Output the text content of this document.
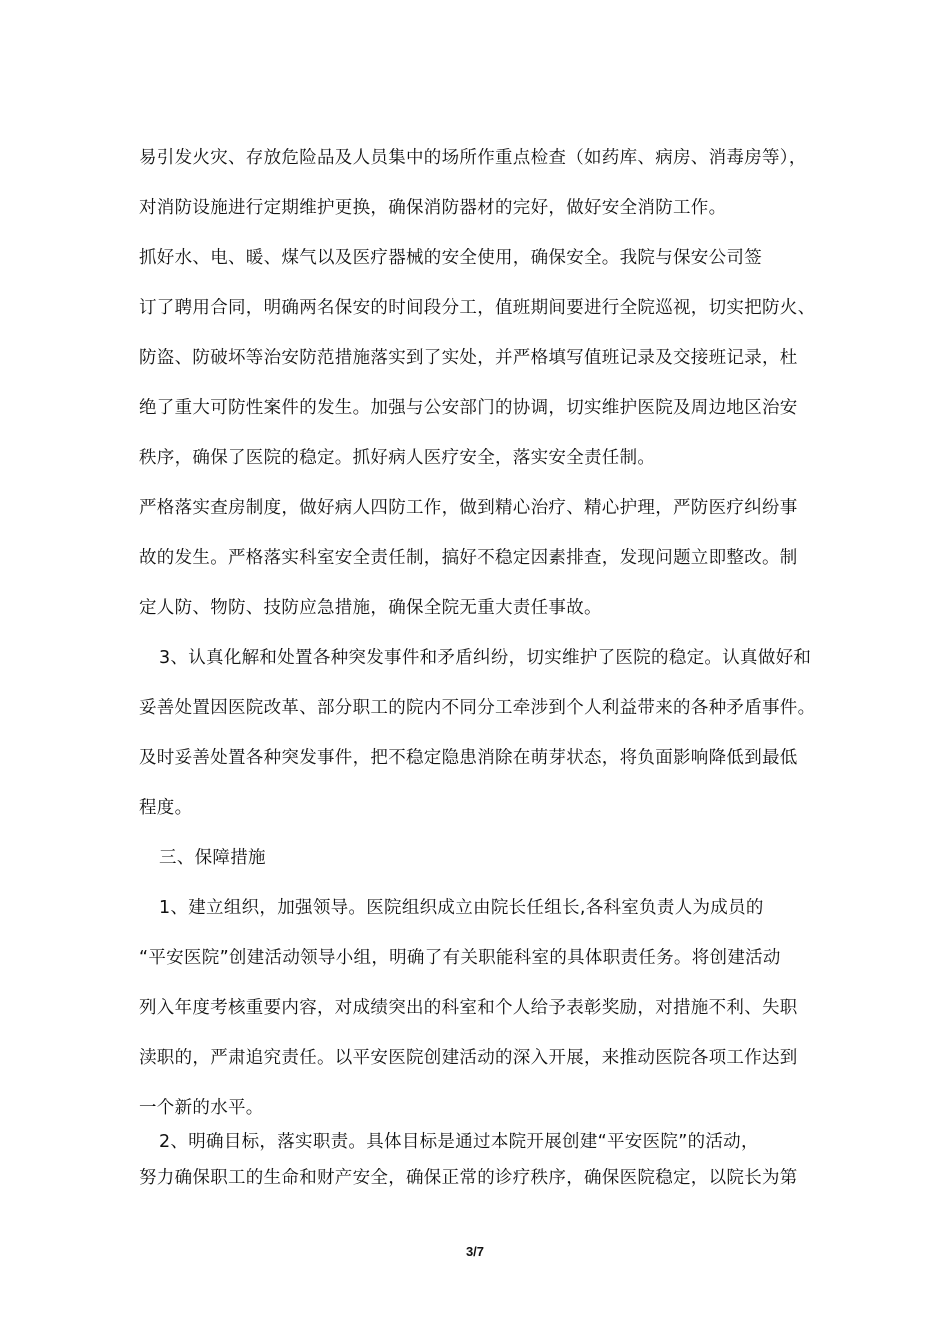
易引发火灾、存放危险品及人员集中的场所作重点检查（如药库、病房、消毒房等），
对消防设施进行定期维护更换，确保消防器材的完好，做好安全消防工作。
抓好水、电、暖、煤气以及医疗器械的安全使用，确保安全。我院与保安公司签
订了聘用合同，明确两名保安的时间段分工，值班期间要进行全院巡视，切实把防火、
防盗、防破坏等治安防范措施落实到了实处，并严格填写值班记录及交接班记录，杜
绝了重大可防性案件的发生。加强与公安部门的协调，切实维护医院及周边地区治安
秩序，确保了医院的稳定。抓好病人医疗安全，落实安全责任制。
严格落实查房制度，做好病人四防工作，做到精心治疗、精心护理，严防医疗纠纷事
故的发生。严格落实科室安全责任制，搞好不稳定因素排查，发现问题立即整改。制
定人防、物防、技防应急措施，确保全院无重大责任事故。
3、认真化解和处置各种突发事件和矛盾纠纷，切实维护了医院的稳定。认真做好和
妥善处置因医院改革、部分职工的院内不同分工牵涉到个人利益带来的各种矛盾事件。
及时妥善处置各种突发事件，把不稳定隐患消除在萌芽状态，将负面影响降低到最低
程度。
三、保障措施
1、建立组织，加强领导。医院组织成立由院长任组长,各科室负责人为成员的
“平安医院”创建活动领导小组，明确了有关职能科室的具体职责任务。将创建活动
列入年度考核重要内容，对成绩突出的科室和个人给予表彰奖励，对措施不利、失职
渎职的，严肃追究责任。以平安医院创建活动的深入开展，来推动医院各项工作达到
一个新的水平。
2、明确目标，落实职责。具体目标是通过本院开展创建“平安医院”的活动，
努力确保职工的生命和财产安全，确保正常的诊疗秩序，确保医院稳定，以院长为第
3/7
